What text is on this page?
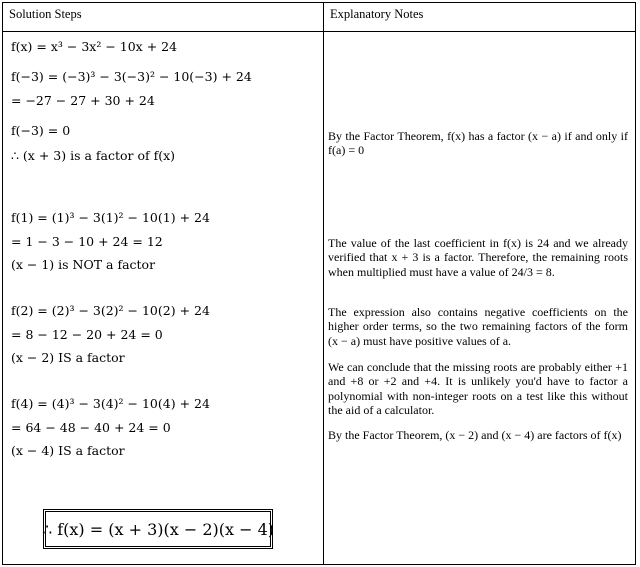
Solution Steps	Explanatory Notes
f(x) = x³ − 3x² − 10x + 24
f(−3) = (−3)³ − 3(−3)² − 10(−3) + 24
= −27 − 27 + 30 + 24
f(−3) = 0
∴ (x + 3) is a factor of f(x)
f(1) = (1)³ − 3(1)² − 10(1) + 24
= 1 − 3 − 10 + 24 = 12
(x − 1) is NOT a factor
f(2) = (2)³ − 3(2)² − 10(2) + 24
= 8 − 12 − 20 + 24 = 0
(x − 2) IS a factor
f(4) = (4)³ − 3(4)² − 10(4) + 24
= 64 − 48 − 40 + 24 = 0
(x − 4) IS a factor
By the Factor Theorem, f(x) has a factor (x − a) if and only if f(a) = 0
The value of the last coefficient in f(x) is 24 and we already verified that x + 3 is a factor. Therefore, the remaining roots when multiplied must have a value of 24/3 = 8.
The expression also contains negative coefficients on the higher order terms, so the two remaining factors of the form (x − a) must have positive values of a.
We can conclude that the missing roots are probably either +1 and +8 or +2 and +4. It is unlikely you'd have to factor a polynomial with non-integer roots on a test like this without the aid of a calculator.
By the Factor Theorem, (x − 2) and (x − 4) are factors of f(x)
∴ f(x) = (x + 3)(x − 2)(x − 4)
